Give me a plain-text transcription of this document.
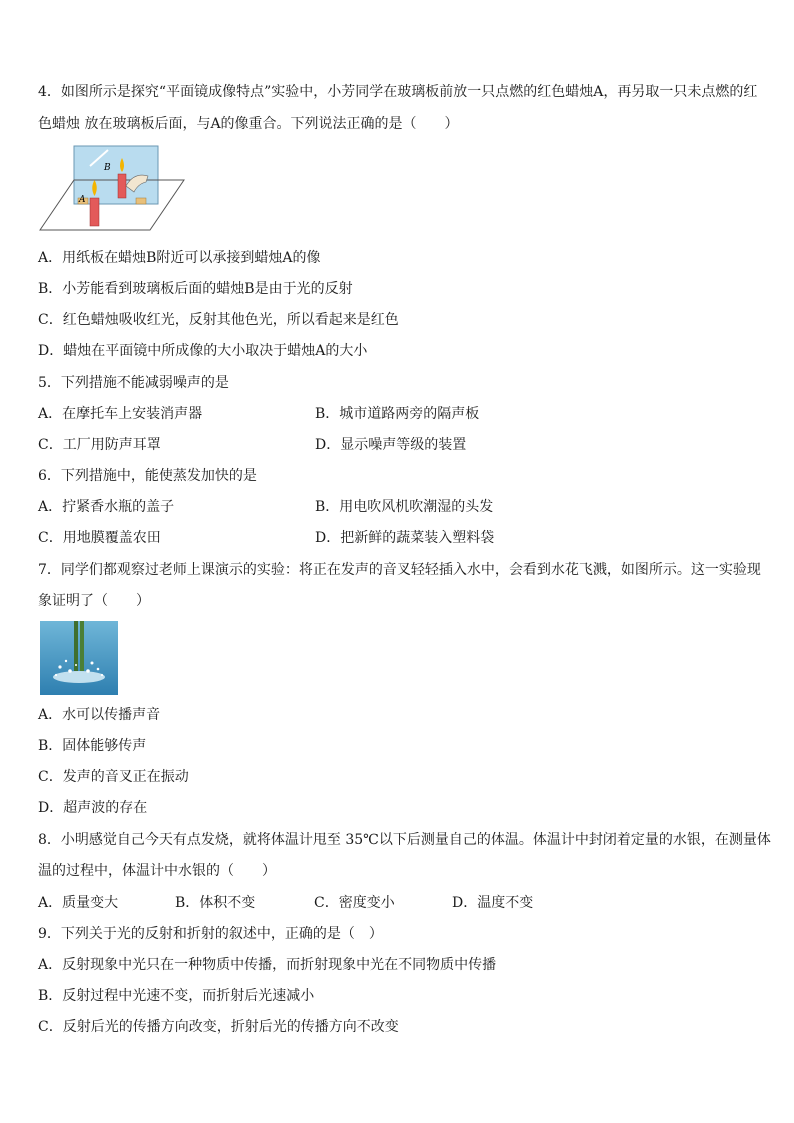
4．如图所示是探究“平面镜成像特点”实验中，小芳同学在玻璃板前放一只点燃的红色蜡烛A，再另取一只未点燃的红
色蜡烛 放在玻璃板后面，与A的像重合。下列说法正确的是（　　）
B
A
A．用纸板在蜡烛B附近可以承接到蜡烛A的像
B．小芳能看到玻璃板后面的蜡烛B是由于光的反射
C．红色蜡烛吸收红光，反射其他色光，所以看起来是红色
D．蜡烛在平面镜中所成像的大小取决于蜡烛A的大小
5．下列措施不能减弱噪声的是
A．在摩托车上安装消声器	B．城市道路两旁的隔声板
C．工厂用防声耳罩	D．显示噪声等级的装置
6．下列措施中，能使蒸发加快的是
A．拧紧香水瓶的盖子	B．用电吹风机吹潮湿的头发
C．用地膜覆盖农田	D．把新鲜的蔬菜装入塑料袋
7．同学们都观察过老师上课演示的实验：将正在发声的音叉轻轻插入水中，会看到水花飞溅，如图所示。这一实验现
象证明了（　　）
A．水可以传播声音
B．固体能够传声
C．发声的音叉正在振动
D．超声波的存在
8．小明感觉自己今天有点发烧，就将体温计甩至 35℃以下后测量自己的体温。体温计中封闭着定量的水银，在测量体
温的过程中，体温计中水银的（　　）
A．质量变大	B．体积不变	C．密度变小	D．温度不变
9．下列关于光的反射和折射的叙述中，正确的是（　）
A．反射现象中光只在一种物质中传播，而折射现象中光在不同物质中传播
B．反射过程中光速不变，而折射后光速减小
C．反射后光的传播方向改变，折射后光的传播方向不改变
